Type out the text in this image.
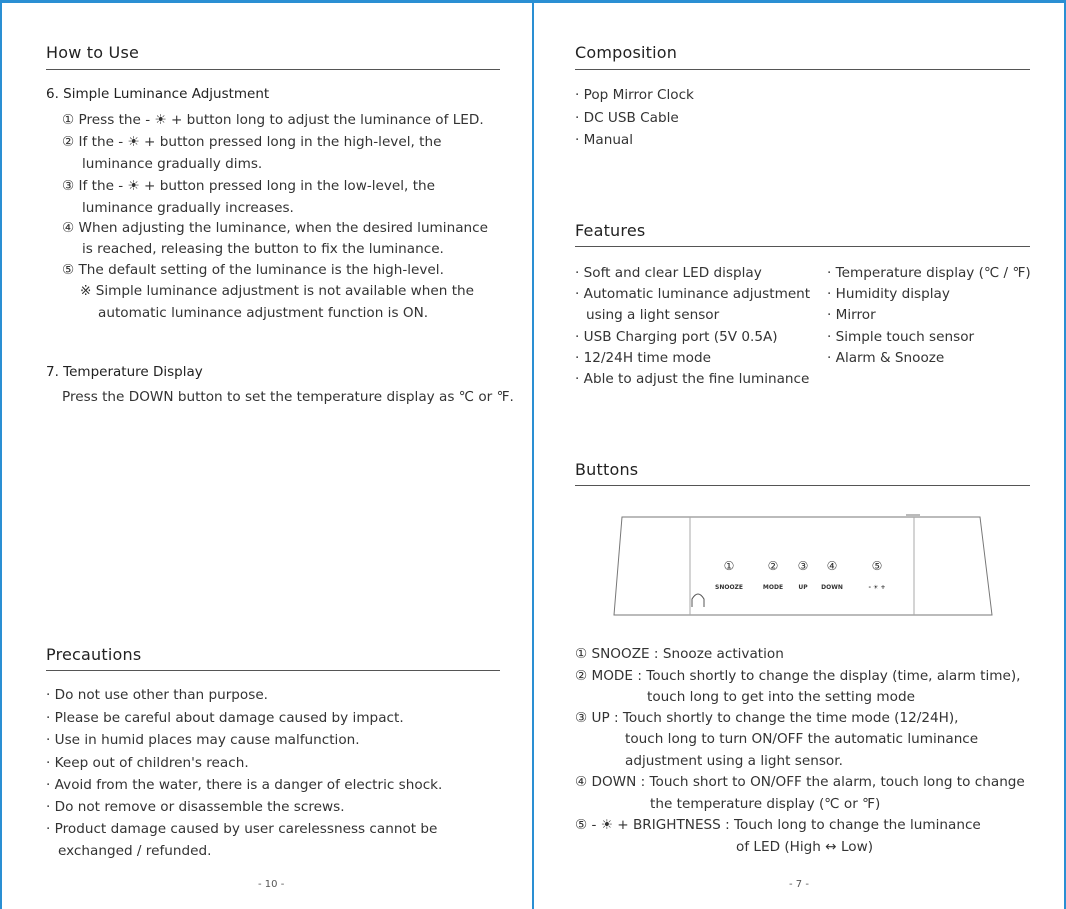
How to Use
6. Simple Luminance Adjustment
① Press the - ☀ + button long to adjust the luminance of LED.
② If the - ☀ + button pressed long in the high-level, the
luminance gradually dims.
③ If the - ☀ + button pressed long in the low-level, the
luminance gradually increases.
④ When adjusting the luminance, when the desired luminance
is reached, releasing the button to fix the luminance.
⑤ The default setting of the luminance is the high-level.
※ Simple luminance adjustment is not available when the
automatic luminance adjustment function is ON.
7. Temperature Display
Press the DOWN button to set the temperature display as ℃ or ℉.
Precautions
· Do not use other than purpose.
· Please be careful about damage caused by impact.
· Use in humid places may cause malfunction.
· Keep out of children's reach.
· Avoid from the water, there is a danger of electric shock.
· Do not remove or disassemble the screws.
· Product damage caused by user carelessness cannot be
exchanged / refunded.
- 10 -
Composition
· Pop Mirror Clock
· DC USB Cable
· Manual
Features
· Soft and clear LED display
· Automatic luminance adjustment
using a light sensor
· USB Charging port (5V 0.5A)
· 12/24H time mode
· Able to adjust the fine luminance
· Temperature display (℃ / ℉)
· Humidity display
· Mirror
· Simple touch sensor
· Alarm & Snooze
Buttons
①	② ③ ④	⑤
SNOOZE	MODE	UP DOWN	- ☀ +
① SNOOZE : Snooze activation
② MODE : Touch shortly to change the display (time, alarm time),
touch long to get into the setting mode
③ UP : Touch shortly to change the time mode (12/24H),
touch long to turn ON/OFF the automatic luminance
adjustment using a light sensor.
④ DOWN : Touch short to ON/OFF the alarm, touch long to change
the temperature display (℃ or ℉)
⑤ - ☀ + BRIGHTNESS : Touch long to change the luminance
of LED (High ↔ Low)
- 7 -
